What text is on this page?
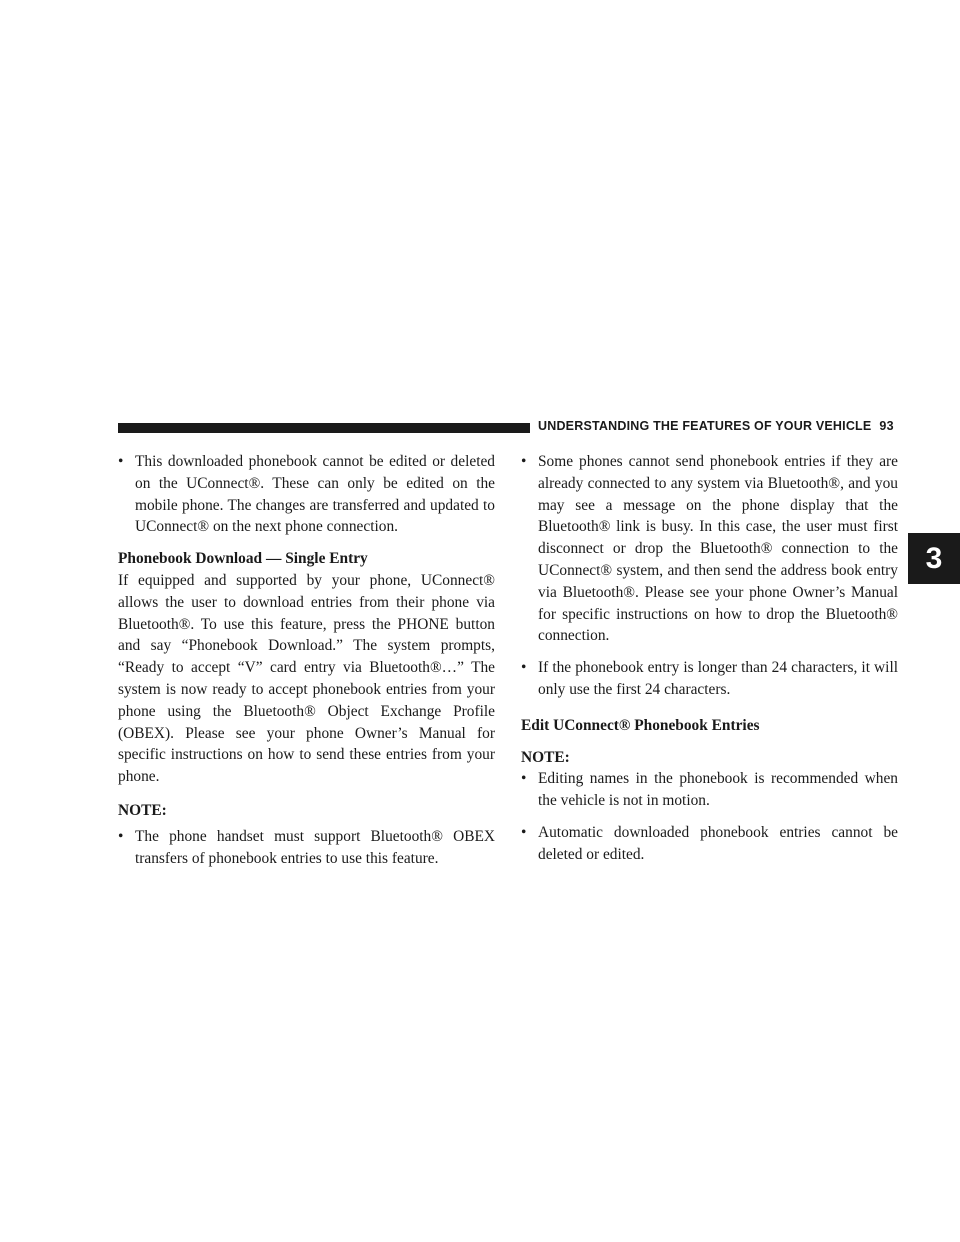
UNDERSTANDING THE FEATURES OF YOUR VEHICLE 93
3
• This downloaded phonebook cannot be edited or deleted on the UConnect®. These can only be edited on the mobile phone. The changes are transferred and updated to UConnect® on the next phone connection.
Phonebook Download — Single Entry
If equipped and supported by your phone, UConnect® allows the user to download entries from their phone via Bluetooth®. To use this feature, press the PHONE button and say “Phonebook Download.” The system prompts, “Ready to accept “V” card entry via Bluetooth®…” The system is now ready to accept phonebook entries from your phone using the Bluetooth® Object Exchange Profile (OBEX). Please see your phone Owner’s Manual for specific instructions on how to send these entries from your phone.
NOTE:
• The phone handset must support Bluetooth® OBEX transfers of phonebook entries to use this feature.
• Some phones cannot send phonebook entries if they are already connected to any system via Bluetooth®, and you may see a message on the phone display that the Bluetooth® link is busy. In this case, the user must first disconnect or drop the Bluetooth® connection to the UConnect® system, and then send the address book entry via Bluetooth®. Please see your phone Owner’s Manual for specific instructions on how to drop the Bluetooth® connection.
• If the phonebook entry is longer than 24 characters, it will only use the first 24 characters.
Edit UConnect® Phonebook Entries
NOTE:
• Editing names in the phonebook is recommended when the vehicle is not in motion.
• Automatic downloaded phonebook entries cannot be deleted or edited.
